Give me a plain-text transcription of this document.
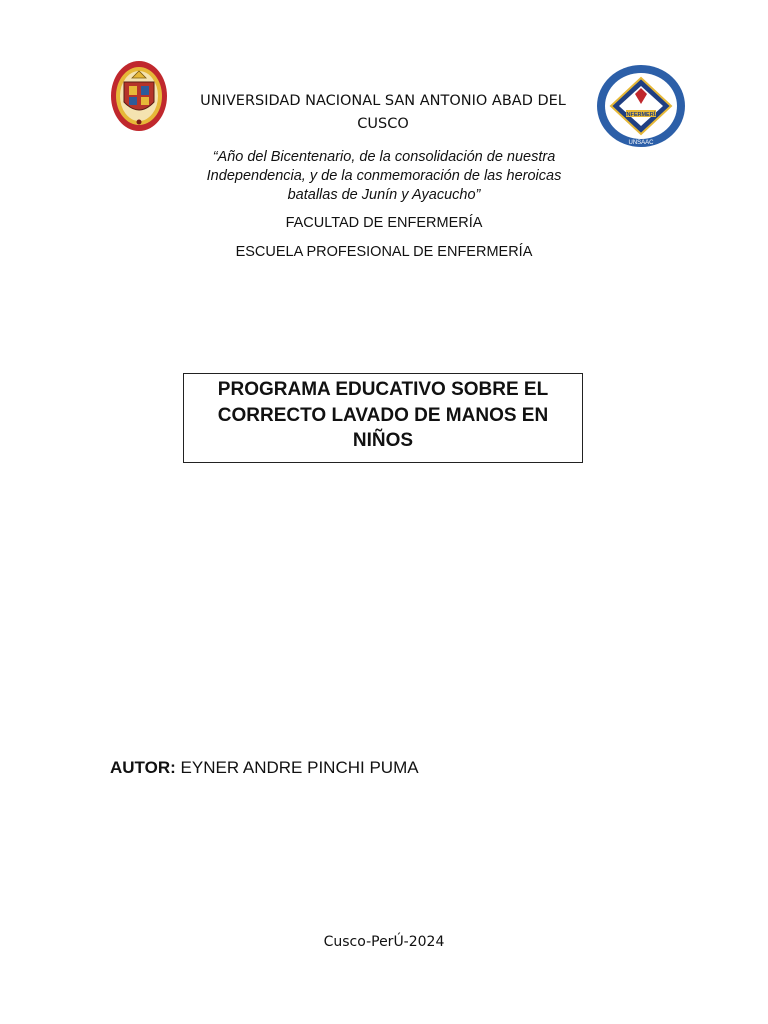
ENFERMERÍA
UNSAAC
UNIVERSIDAD NACIONAL SAN ANTONIO ABAD DEL CUSCO
“Año del Bicentenario, de la consolidación de nuestra Independencia, y de la conmemoración de las heroicas batallas de Junín y Ayacucho”
FACULTAD DE ENFERMERÍA
ESCUELA PROFESIONAL DE ENFERMERÍA
PROGRAMA EDUCATIVO SOBRE EL CORRECTO LAVADO DE MANOS EN NIÑOS
AUTOR: EYNER ANDRE PINCHI PUMA
Cusco-PerÚ-2024
